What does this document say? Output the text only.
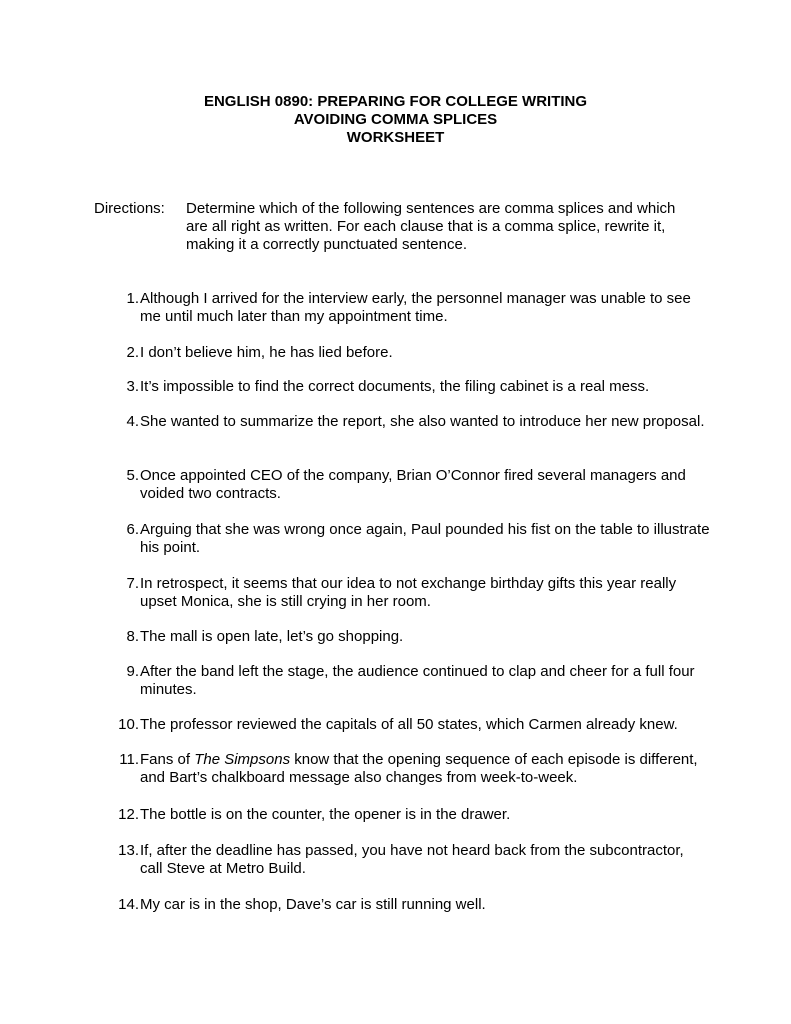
ENGLISH 0890: PREPARING FOR COLLEGE WRITING
AVOIDING COMMA SPLICES
WORKSHEET
Directions: Determine which of the following sentences are comma splices and which are all right as written. For each clause that is a comma splice, rewrite it, making it a correctly punctuated sentence.
1. Although I arrived for the interview early, the personnel manager was unable to see me until much later than my appointment time.
2. I don’t believe him, he has lied before.
3. It’s impossible to find the correct documents, the filing cabinet is a real mess.
4. She wanted to summarize the report, she also wanted to introduce her new proposal.
5. Once appointed CEO of the company, Brian O’Connor fired several managers and voided two contracts.
6. Arguing that she was wrong once again, Paul pounded his fist on the table to illustrate his point.
7. In retrospect, it seems that our idea to not exchange birthday gifts this year really upset Monica, she is still crying in her room.
8. The mall is open late, let’s go shopping.
9. After the band left the stage, the audience continued to clap and cheer for a full four minutes.
10. The professor reviewed the capitals of all 50 states, which Carmen already knew.
11. Fans of The Simpsons know that the opening sequence of each episode is different, and Bart’s chalkboard message also changes from week-to-week.
12. The bottle is on the counter, the opener is in the drawer.
13. If, after the deadline has passed, you have not heard back from the subcontractor, call Steve at Metro Build.
14. My car is in the shop, Dave’s car is still running well.
